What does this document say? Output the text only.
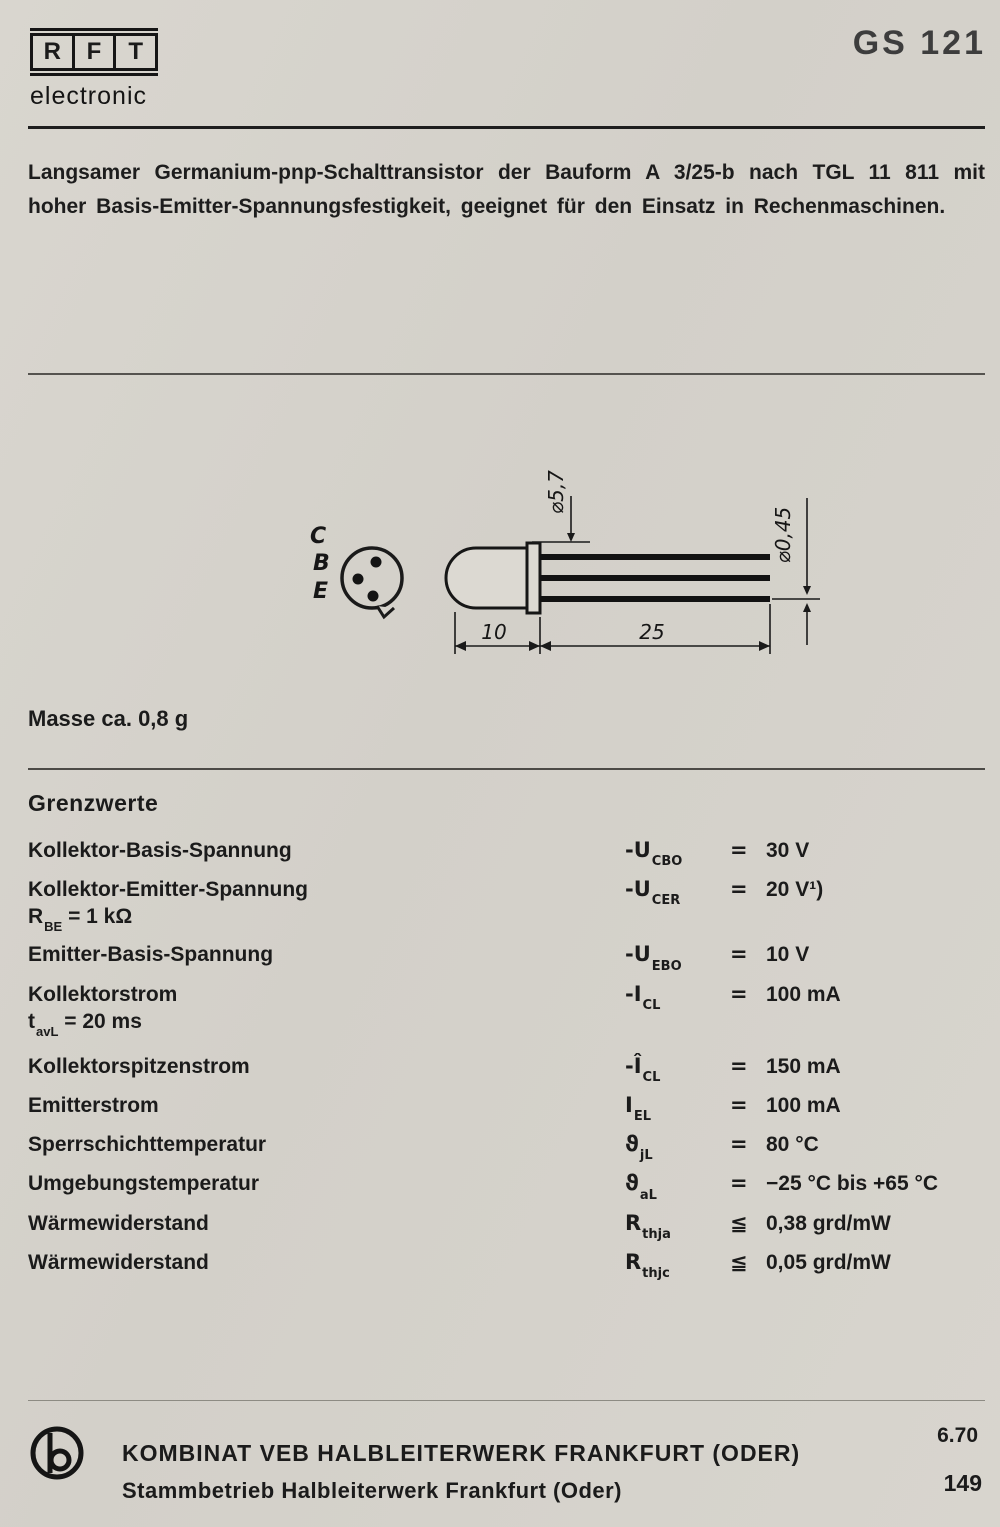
R	F	T
electronic
GS 121
Langsamer Germanium-pnp-Schalttransistor der Bauform A 3/25-b nach TGL 11 811 mit hoher Basis-Emitter-Spannungsfestigkeit, geeignet für den Einsatz in Rechenmaschinen.
C
B
E
⌀5,7
⌀0,45
10	25
Masse ca. 0,8 g
Grenzwerte
Kollektor-Basis-Spannung	$-U_{CBO}$	= 30 V
Kollektor-Emitter-Spannung
$R_{BE} = 1$ kΩ
$-U_{CER}$	= 20 V¹)
Emitter-Basis-Spannung	$-U_{EBO}$	= 10 V
Kollektorstrom
$t_{avL} = 20$ ms
$-I_{CL}$	= 100 mA
Kollektorspitzenstrom	$-Î_{CL}$	= 150 mA
Emitterstrom	$I_{EL}$	= 100 mA
Sperrschichttemperatur	$ϑ_{jL}$	= 80 °C
Umgebungstemperatur	$ϑ_{aL}$	= −25 °C bis +65 °C
Wärmewiderstand	$R_{thja}$	≦ 0,38 grd/mW
Wärmewiderstand	$R_{thjc}$	≦ 0,05 grd/mW
KOMBINAT VEB HALBLEITERWERK FRANKFURT (ODER)
Stammbetrieb Halbleiterwerk Frankfurt (Oder)
6.70
149
